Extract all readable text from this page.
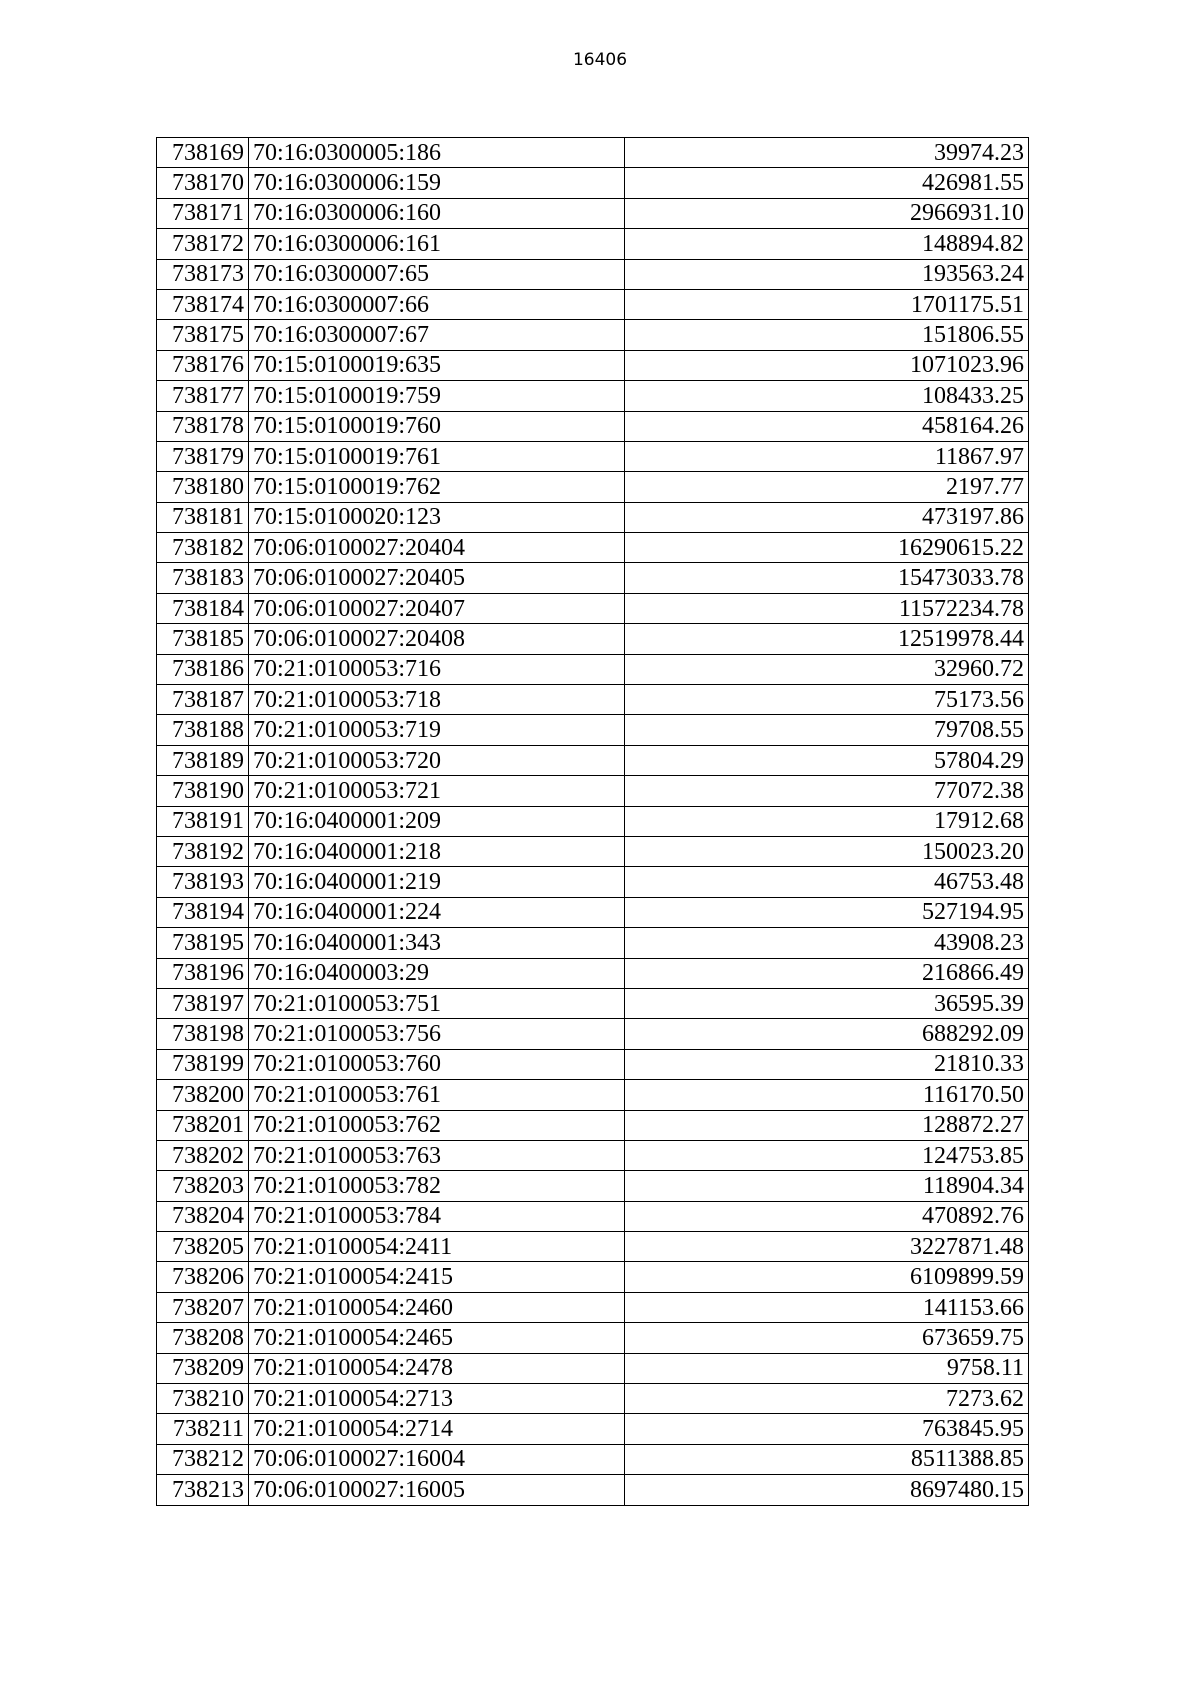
16406
738169	70:16:0300005:186	39974.23
738170	70:16:0300006:159	426981.55
738171	70:16:0300006:160	2966931.10
738172	70:16:0300006:161	148894.82
738173	70:16:0300007:65	193563.24
738174	70:16:0300007:66	1701175.51
738175	70:16:0300007:67	151806.55
738176	70:15:0100019:635	1071023.96
738177	70:15:0100019:759	108433.25
738178	70:15:0100019:760	458164.26
738179	70:15:0100019:761	11867.97
738180	70:15:0100019:762	2197.77
738181	70:15:0100020:123	473197.86
738182	70:06:0100027:20404	16290615.22
738183	70:06:0100027:20405	15473033.78
738184	70:06:0100027:20407	11572234.78
738185	70:06:0100027:20408	12519978.44
738186	70:21:0100053:716	32960.72
738187	70:21:0100053:718	75173.56
738188	70:21:0100053:719	79708.55
738189	70:21:0100053:720	57804.29
738190	70:21:0100053:721	77072.38
738191	70:16:0400001:209	17912.68
738192	70:16:0400001:218	150023.20
738193	70:16:0400001:219	46753.48
738194	70:16:0400001:224	527194.95
738195	70:16:0400001:343	43908.23
738196	70:16:0400003:29	216866.49
738197	70:21:0100053:751	36595.39
738198	70:21:0100053:756	688292.09
738199	70:21:0100053:760	21810.33
738200	70:21:0100053:761	116170.50
738201	70:21:0100053:762	128872.27
738202	70:21:0100053:763	124753.85
738203	70:21:0100053:782	118904.34
738204	70:21:0100053:784	470892.76
738205	70:21:0100054:2411	3227871.48
738206	70:21:0100054:2415	6109899.59
738207	70:21:0100054:2460	141153.66
738208	70:21:0100054:2465	673659.75
738209	70:21:0100054:2478	9758.11
738210	70:21:0100054:2713	7273.62
738211	70:21:0100054:2714	763845.95
738212	70:06:0100027:16004	8511388.85
738213	70:06:0100027:16005	8697480.15
